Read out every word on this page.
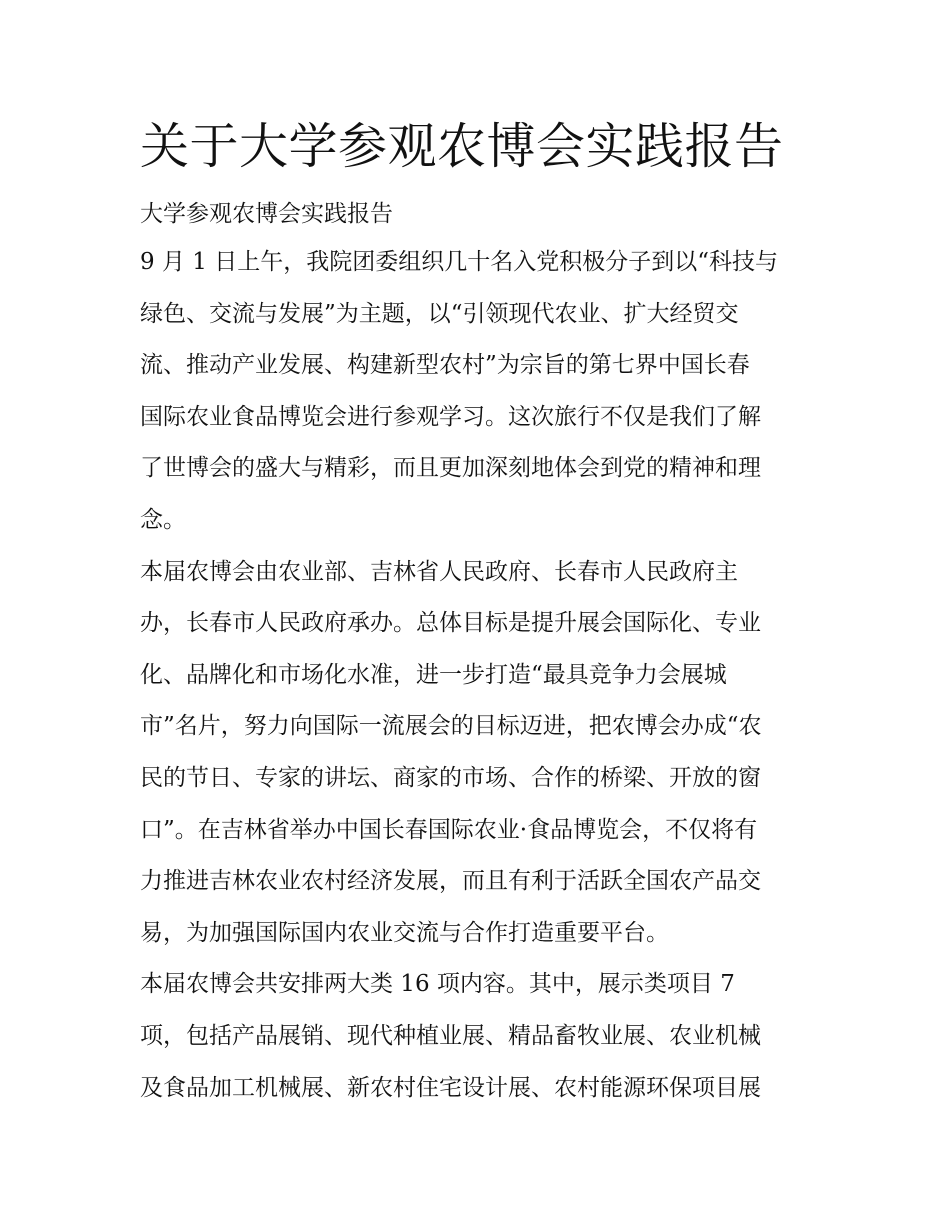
关于大学参观农博会实践报告
大学参观农博会实践报告
9 月 1 日上午，我院团委组织几十名入党积极分子到以“科技与
绿色、交流与发展”为主题，以“引领现代农业、扩大经贸交
流、推动产业发展、构建新型农村”为宗旨的第七界中国长春
国际农业食品博览会进行参观学习。这次旅行不仅是我们了解
了世博会的盛大与精彩，而且更加深刻地体会到党的精神和理
念。
本届农博会由农业部、吉林省人民政府、长春市人民政府主
办，长春市人民政府承办。总体目标是提升展会国际化、专业
化、品牌化和市场化水准，进一步打造“最具竞争力会展城
市”名片，努力向国际一流展会的目标迈进，把农博会办成“农
民的节日、专家的讲坛、商家的市场、合作的桥梁、开放的窗
口”。在吉林省举办中国长春国际农业·食品博览会，不仅将有
力推进吉林农业农村经济发展，而且有利于活跃全国农产品交
易，为加强国际国内农业交流与合作打造重要平台。
本届农博会共安排两大类 16 项内容。其中，展示类项目 7
项，包括产品展销、现代种植业展、精品畜牧业展、农业机械
及食品加工机械展、新农村住宅设计展、农村能源环保项目展
